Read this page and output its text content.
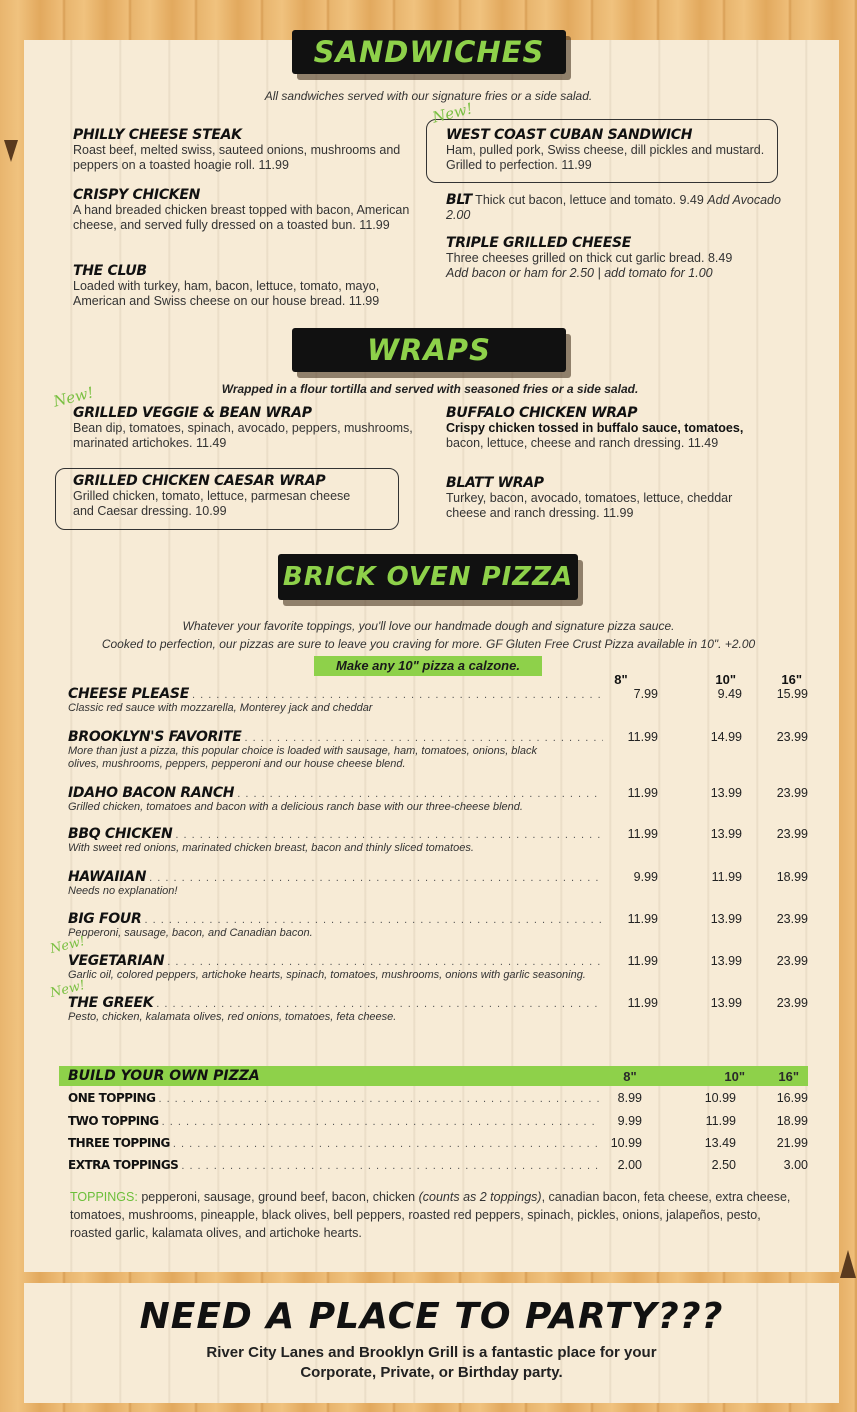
SANDWICHES
All sandwiches served with our signature fries or a side salad.
PHILLY CHEESE STEAK
Roast beef, melted swiss, sauteed onions, mushrooms and peppers on a toasted hoagie roll. 11.99
CRISPY CHICKEN
A hand breaded chicken breast topped with bacon, American cheese, and served fully dressed on a toasted bun. 11.99
THE CLUB
Loaded with turkey, ham, bacon, lettuce, tomato, mayo, American and Swiss cheese on our house bread. 11.99
New!
WEST COAST CUBAN SANDWICH
Ham, pulled pork, Swiss cheese, dill pickles and mustard. Grilled to perfection. 11.99
BLT Thick cut bacon, lettuce and tomato. 9.49 Add Avocado 2.00
TRIPLE GRILLED CHEESE
Three cheeses grilled on thick cut garlic bread. 8.49
Add bacon or ham for 2.50 | add tomato for 1.00
WRAPS
Wrapped in a flour tortilla and served with seasoned fries or a side salad.
New!
GRILLED VEGGIE & BEAN WRAP
Bean dip, tomatoes, spinach, avocado, peppers, mushrooms, marinated artichokes. 11.49
GRILLED CHICKEN CAESAR WRAP
Grilled chicken, tomato, lettuce, parmesan cheese and Caesar dressing. 10.99
BUFFALO CHICKEN WRAP
Crispy chicken tossed in buffalo sauce, tomatoes,
bacon, lettuce, cheese and ranch dressing. 11.49
BLATT WRAP
Turkey, bacon, avocado, tomatoes, lettuce, cheddar cheese and ranch dressing. 11.99
BRICK OVEN PIZZA
Whatever your favorite toppings, you'll love our handmade dough and signature pizza sauce.
Cooked to perfection, our pizzas are sure to leave you craving for more. GF Gluten Free Crust Pizza available in 10". +2.00
Make any 10" pizza a calzone.
8"	10"	16"
CHEESE PLEASE . . .	7.99	9.49	15.99
Classic red sauce with mozzarella, Monterey jack and cheddar
BROOKLYN'S FAVORITE . . .	11.99	14.99	23.99
More than just a pizza, this popular choice is loaded with sausage, ham, tomatoes, onions, black olives, mushrooms, peppers, pepperoni and our house cheese blend.
IDAHO BACON RANCH . . .	11.99	13.99	23.99
Grilled chicken, tomatoes and bacon with a delicious ranch base with our three-cheese blend.
BBQ CHICKEN . . .	11.99	13.99	23.99
With sweet red onions, marinated chicken breast, bacon and thinly sliced tomatoes.
HAWAIIAN . . .	9.99	11.99	18.99
Needs no explanation!
BIG FOUR . . .	11.99	13.99	23.99
Pepperoni, sausage, bacon, and Canadian bacon.
New!
VEGETARIAN . . .	11.99	13.99	23.99
Garlic oil, colored peppers, artichoke hearts, spinach, tomatoes, mushrooms, onions with garlic seasoning.
New!
THE GREEK . . .	11.99	13.99	23.99
Pesto, chicken, kalamata olives, red onions, tomatoes, feta cheese.
BUILD YOUR OWN PIZZA	8"	10"	16"
ONE TOPPING . . .	8.99	10.99	16.99
TWO TOPPING . . .	9.99	11.99	18.99
THREE TOPPING . . .	10.99	13.49	21.99
EXTRA TOPPINGS . . .	2.00	2.50	3.00
TOPPINGS: pepperoni, sausage, ground beef, bacon, chicken (counts as 2 toppings), canadian bacon, feta cheese, extra cheese, tomatoes, mushrooms, pineapple, black olives, bell peppers, roasted red peppers, spinach, pickles, onions, jalapeños, pesto, roasted garlic, kalamata olives, and artichoke hearts.
NEED A PLACE TO PARTY???
River City Lanes and Brooklyn Grill is a fantastic place for your
Corporate, Private, or Birthday party.
